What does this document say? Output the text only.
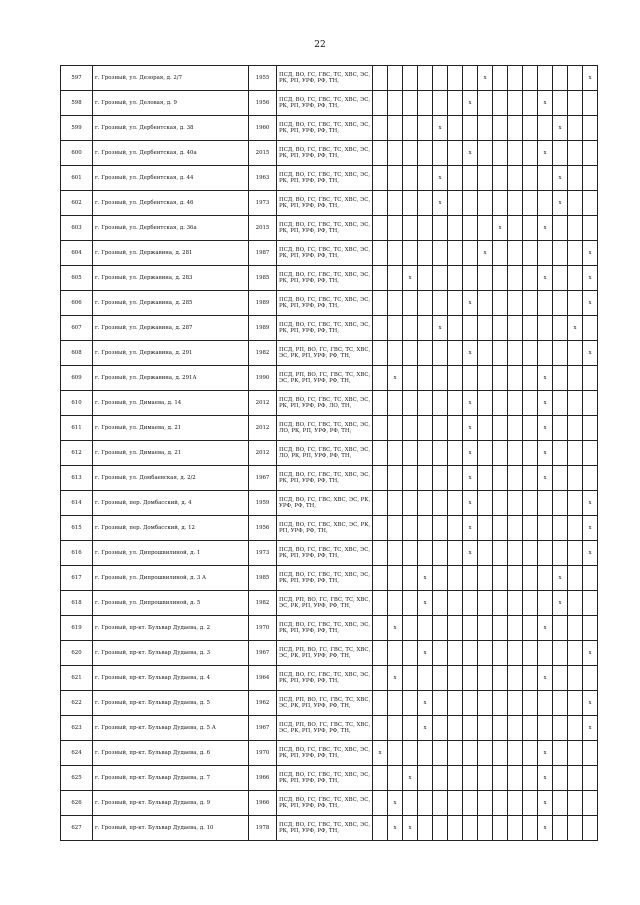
22
597	г. Грозный, ул. Дезорая, д. 2/7	1955	ПСД, ВО, ГС, ГВС, ТС, ХВС, ЭС, РК, РП, УРФ, РФ, ТН,								х							х
598	г. Грозный, ул. Деловая, д. 9	1956	ПСД, ВО, ГС, ГВС, ТС, ХВС, ЭС, РК, РП, УРФ, РФ, ТН,							х					х			
599	г. Грозный, ул. Дербентская, д. 38	1960	ПСД, ВО, ГС, ГВС, ТС, ХВС, ЭС, РК, РП, УРФ, РФ, ТН,					х								х		
600	г. Грозный, ул. Дербентская, д. 40а	2015	ПСД, ВО, ГС, ГВС, ТС, ХВС, ЭС, РК, РП, УРФ, РФ, ТН,							х					х			
601	г. Грозный, ул. Дербентская, д. 44	1963	ПСД, ВО, ГС, ГВС, ТС, ХВС, ЭС, РК, РП, УРФ, РФ, ТН,					х								х		
602	г. Грозный, ул. Дербентская, д. 46	1973	ПСД, ВО, ГС, ГВС, ТС, ХВС, ЭС, РК, РП, УРФ, РФ, ТН,					х								х		
603	г. Грозный, ул. Дербентская, д. 36а	2015	ПСД, ВО, ГС, ГВС, ТС, ХВС, ЭС, РК, РП, УРФ, РФ, ТН,									х			х			
604	г. Грозный, ул. Державина, д. 281	1987	ПСД, ВО, ГС, ГВС, ТС, ХВС, ЭС, РК, РП, УРФ, РФ, ТН,								х							х
605	г. Грозный, ул. Державина, д. 283	1985	ПСД, ВО, ГС, ГВС, ТС, ХВС, ЭС, РК, РП, УРФ, РФ, ТН,			х									х			х
606	г. Грозный, ул. Державина, д. 285	1989	ПСД, ВО, ГС, ГВС, ТС, ХВС, ЭС, РК, РП, УРФ, РФ, ТН,							х								х
607	г. Грозный, ул. Державина, д. 287	1989	ПСД, ВО, ГС, ГВС, ТС, ХВС, ЭС, РК, РП, УРФ, РФ, ТН,					х									х	
608	г. Грозный, ул. Державина, д. 291	1982	ПСД, РП, ВО, ГС, ГВС, ТС, ХВС, ЭС, РК, РП, УРФ, РФ, ТН,							х								х
609	г. Грозный, ул. Державина, д. 291А	1990	ПСД, РП, ВО, ГС, ГВС, ТС, ХВС, ЭС, РК, РП, УРФ, РФ, ТН,		х										х			
610	г. Грозный, ул. Димаева, д. 14	2012	ПСД, ВО, ГС, ГВС, ТС, ХВС, ЭС, РК, РП, УРФ, РФ, ЛО, ТН,							х					х			
611	г. Грозный, ул. Димаева, д. 21	2012	ПСД, ВО, ГС, ГВС, ТС, ХВС, ЭС, ЛО, РК, РП, УРФ, РФ, ТН,							х					х			
612	г. Грозный, ул. Димаева, д. 21	2012	ПСД, ВО, ГС, ГВС, ТС, ХВС, ЭС, ЛО, РК, РП, УРФ, РФ, ТН,							х					х			
613	г. Грозный, ул. Домбаевская, д. 2/2	1967	ПСД, ВО, ГС, ГВС, ТС, ХВС, ЭС, РК, РП, УРФ, РФ, ТН,							х					х			
614	г. Грозный, пер. Домбасский, д. 4	1959	ПСД, ВО, ГС, ГВС, ХВС, ЭС, РК, УРФ, РФ, ТН,							х								х
615	г. Грозный, пер. Домбасский, д. 12	1956	ПСД, ВО, ГС, ГВС, ХВС, ЭС, РК, РП, УРФ, РФ, ТН,							х								х
616	г. Грозный, ул. Дипрошвилиной, д. 1	1973	ПСД, ВО, ГС, ГВС, ТС, ХВС, ЭС, РК, РП, УРФ, РФ, ТН,							х								х
617	г. Грозный, ул. Дипрошвилиной, д. 3 А	1985	ПСД, ВО, ГС, ГВС, ТС, ХВС, ЭС, РК, РП, УРФ, РФ, ТН,				х									х		
618	г. Грозный, ул. Дипрошвилиной, д. 5	1982	ПСД, РП, ВО, ГС, ГВС, ТС, ХВС, ЭС, РК, РП, УРФ, РФ, ТН,				х									х		
619	г. Грозный, пр-кт. Бульвар Дудаева, д. 2	1970	ПСД, ВО, ГС, ГВС, ТС, ХВС, ЭС, РК, РП, УРФ, РФ, ТН,		х										х			
620	г. Грозный, пр-кт. Бульвар Дудаева, д. 3	1967	ПСД, РП, ВО, ГС, ГВС, ТС, ХВС, ЭС, РК, РП, УРФ, РФ, ТН,				х											х
621	г. Грозный, пр-кт. Бульвар Дудаева, д. 4	1964	ПСД, ВО, ГС, ГВС, ТС, ХВС, ЭС, РК, РП, УРФ, РФ, ТН,		х										х			
622	г. Грозный, пр-кт. Бульвар Дудаева, д. 5	1962	ПСД, РП, ВО, ГС, ГВС, ТС, ХВС, ЭС, РК, РП, УРФ, РФ, ТН,				х											х
623	г. Грозный, пр-кт. Бульвар Дудаева, д. 5 А	1967	ПСД, РП, ВО, ГС, ГВС, ТС, ХВС, ЭС, РК, РП, УРФ, РФ, ТН,				х											х
624	г. Грозный, пр-кт. Бульвар Дудаева, д. 6	1970	ПСД, ВО, ГС, ГВС, ТС, ХВС, ЭС, РК, РП, УРФ, РФ, ТН,	х											х			
625	г. Грозный, пр-кт. Бульвар Дудаева, д. 7	1966	ПСД, ВО, ГС, ГВС, ТС, ХВС, ЭС, РК, РП, УРФ, РФ, ТН,			х									х			
626	г. Грозный, пр-кт. Бульвар Дудаева, д. 9	1966	ПСД, ВО, ГС, ГВС, ТС, ХВС, ЭС, РК, РП, УРФ, РФ, ТН,		х										х			
627	г. Грозный, пр-кт. Бульвар Дудаева, д. 10	1978	ПСД, ВО, ГС, ГВС, ТС, ХВС, ЭС, РК, РП, УРФ, РФ, ТН,		х	х									х			
